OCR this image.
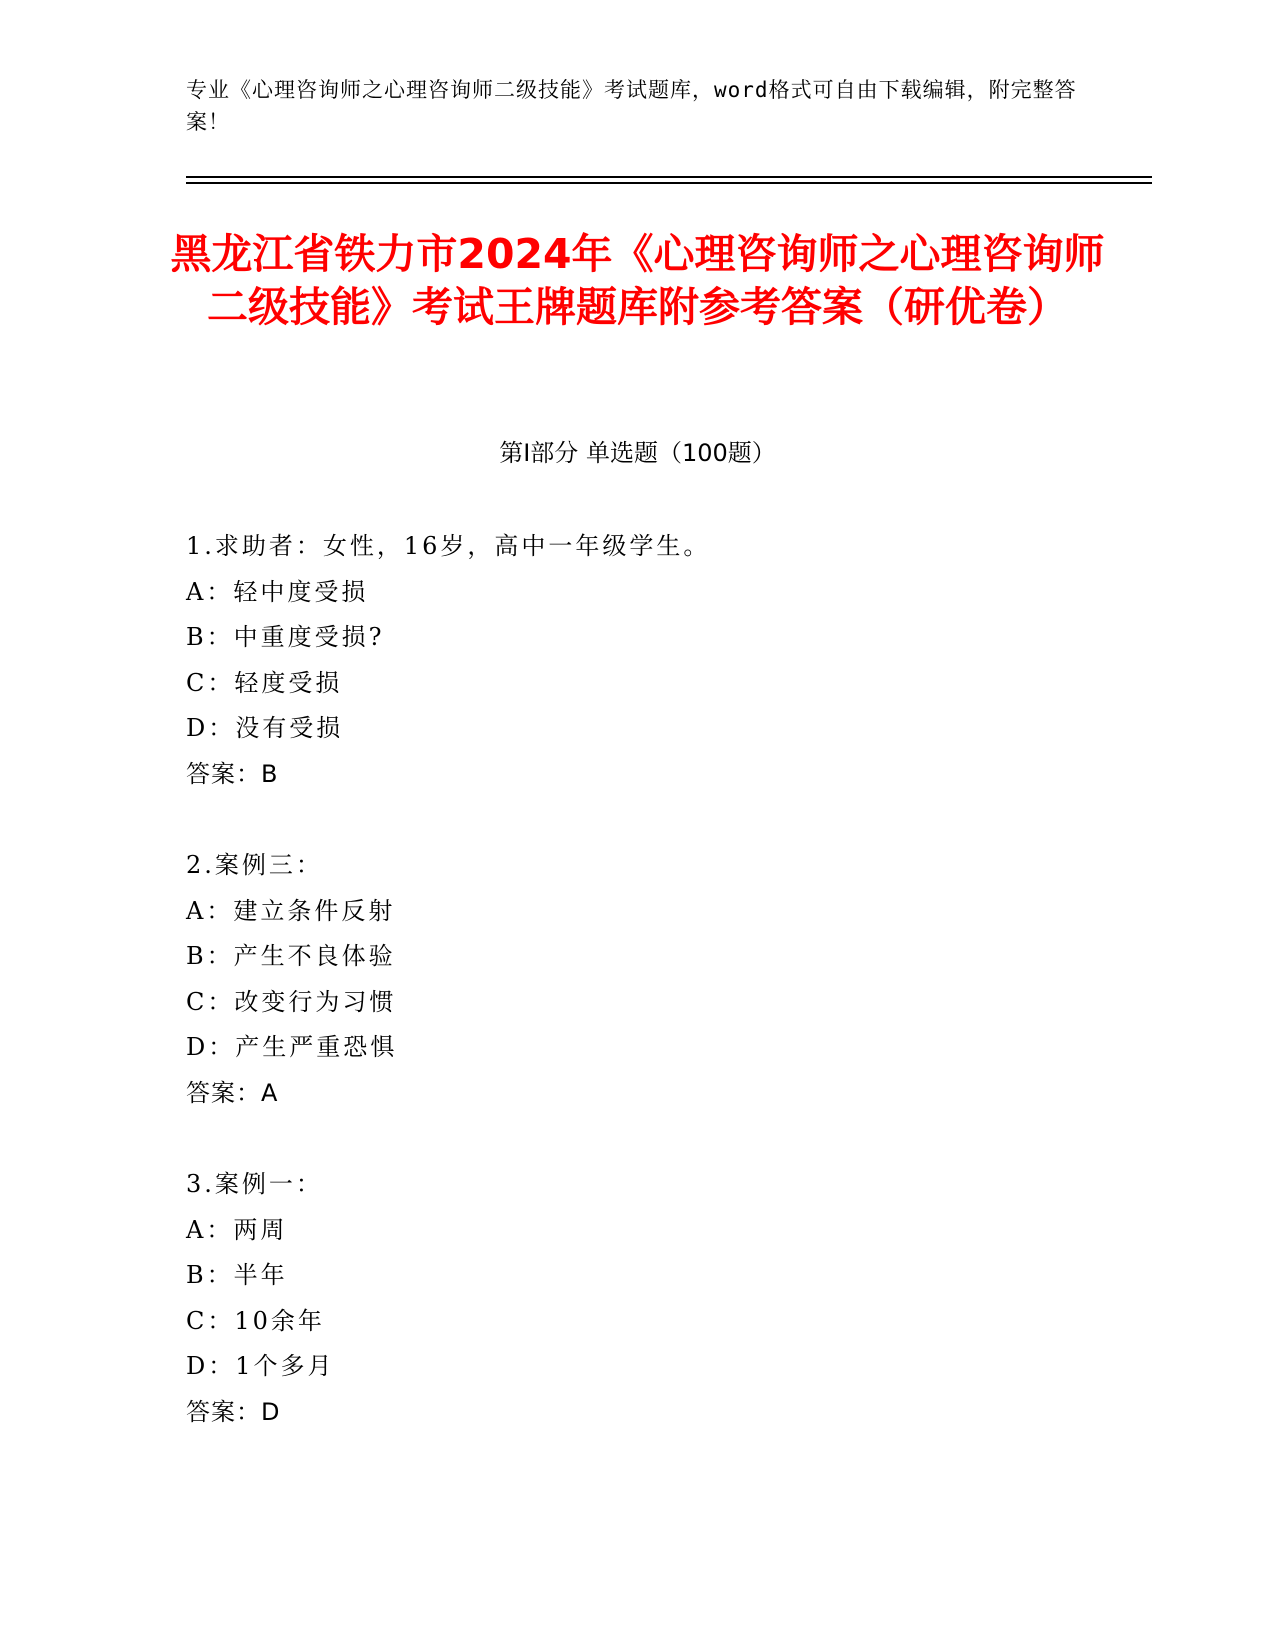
专业《心理咨询师之心理咨询师二级技能》考试题库，word格式可自由下载编辑，附完整答案！
黑龙江省铁力市2024年《心理咨询师之心理咨询师二级技能》考试王牌题库附参考答案（研优卷）
第I部分 单选题（100题）
1.求助者：女性，16岁，高中一年级学生。
A：轻中度受损
B：中重度受损?
C：轻度受损
D：没有受损
答案：B
2.案例三：
A：建立条件反射
B：产生不良体验
C：改变行为习惯
D：产生严重恐惧
答案：A
3.案例一：
A：两周
B：半年
C：10余年
D：1个多月
答案：D
